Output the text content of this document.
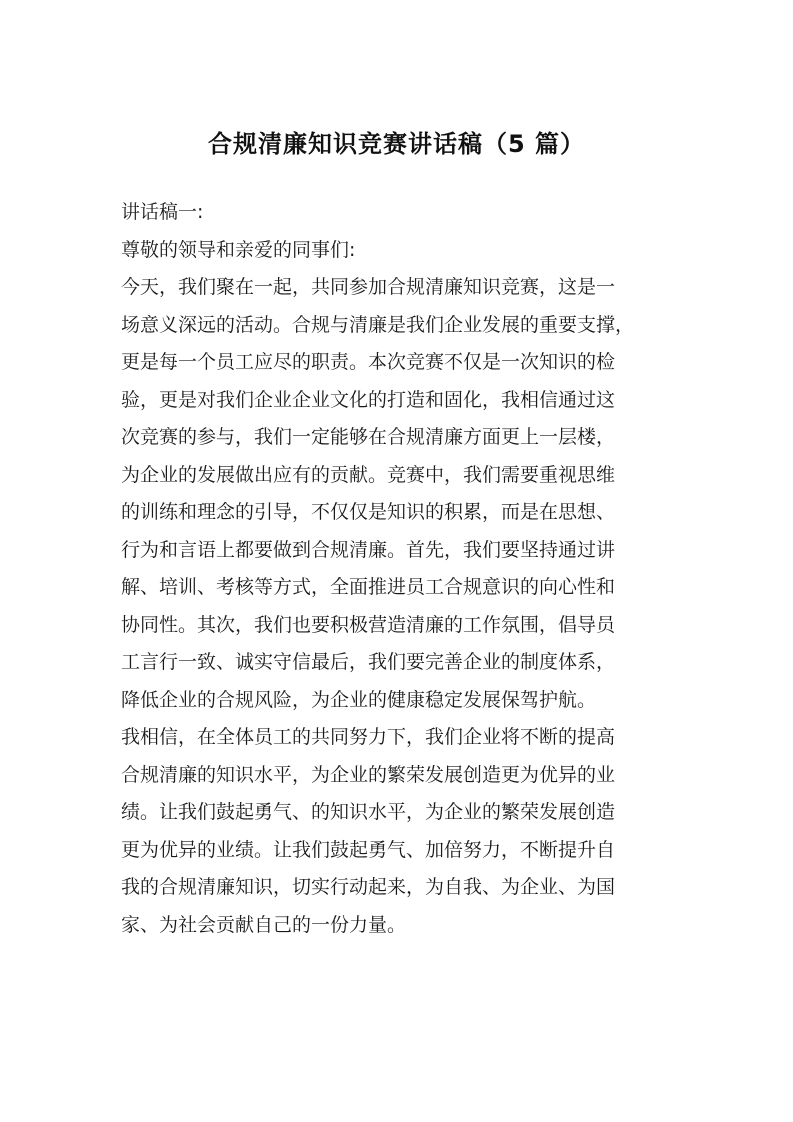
合规清廉知识竞赛讲话稿（5 篇）
讲话稿一:
尊敬的领导和亲爱的同事们:
今天，我们聚在一起，共同参加合规清廉知识竞赛，这是一
场意义深远的活动。合规与清廉是我们企业发展的重要支撑，
更是每一个员工应尽的职责。本次竞赛不仅是一次知识的检
验，更是对我们企业企业文化的打造和固化，我相信通过这
次竞赛的参与，我们一定能够在合规清廉方面更上一层楼，
为企业的发展做出应有的贡献。竞赛中，我们需要重视思维
的训练和理念的引导，不仅仅是知识的积累，而是在思想、
行为和言语上都要做到合规清廉。首先，我们要坚持通过讲
解、培训、考核等方式，全面推进员工合规意识的向心性和
协同性。其次，我们也要积极营造清廉的工作氛围，倡导员
工言行一致、诚实守信最后，我们要完善企业的制度体系，
降低企业的合规风险，为企业的健康稳定发展保驾护航。
我相信，在全体员工的共同努力下，我们企业将不断的提高
合规清廉的知识水平，为企业的繁荣发展创造更为优异的业
绩。让我们鼓起勇气、的知识水平，为企业的繁荣发展创造
更为优异的业绩。让我们鼓起勇气、加倍努力，不断提升自
我的合规清廉知识，切实行动起来，为自我、为企业、为国
家、为社会贡献自己的一份力量。
